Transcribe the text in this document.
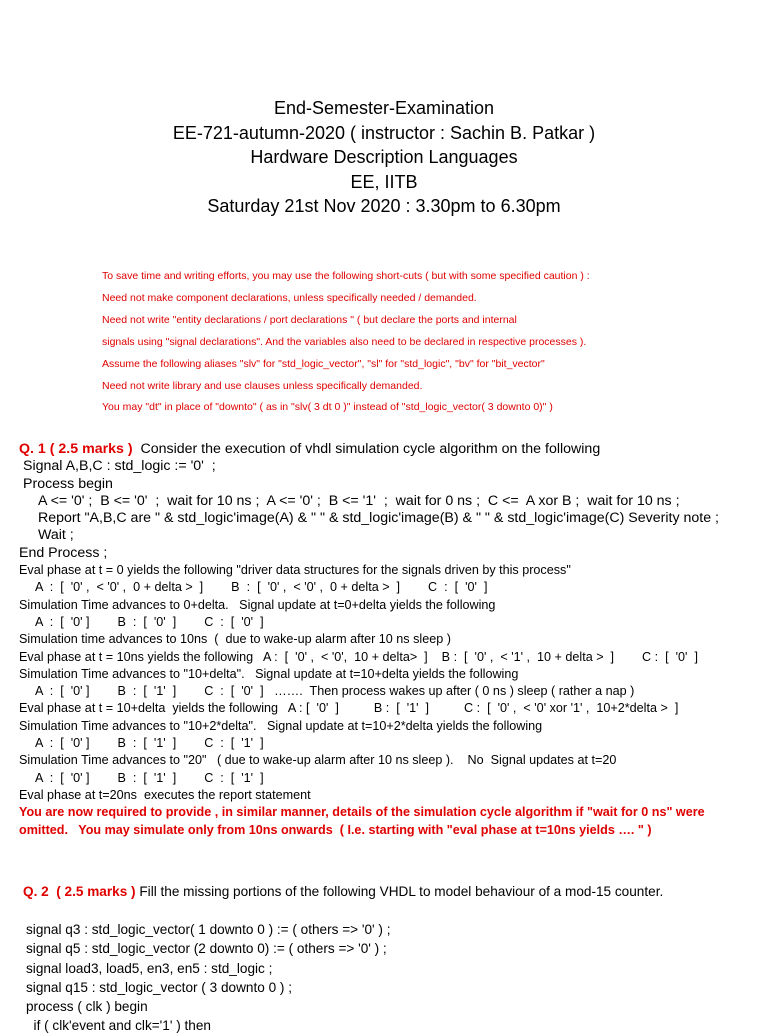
End-Semester-Examination
EE-721-autumn-2020 ( instructor : Sachin B. Patkar )
Hardware Description Languages
EE, IITB
Saturday 21st Nov 2020 : 3.30pm to 6.30pm
To save time and writing efforts, you may use the following short-cuts ( but with some specified caution ) :
Need not make component declarations, unless specifically needed / demanded.
Need not write "entity declarations / port declarations " ( but declare the ports and internal
signals using "signal declarations". And the variables also need to be declared in respective processes ).
Assume the following aliases "slv" for "std_logic_vector", "sl" for "std_logic", "bv" for "bit_vector"
Need not write library and use clauses unless specifically demanded.
You may "dt" in place of "downto" ( as in "slv( 3 dt 0 )" instead of "std_logic_vector( 3 downto 0)" )
Q. 1 ( 2.5 marks )  Consider the execution of vhdl simulation cycle algorithm on the following
Signal A,B,C : std_logic := '0'  ;
Process begin
A <= '0' ;  B <= '0'  ;  wait for 10 ns ;  A <= '0' ;  B <= '1'  ;  wait for 0 ns ;  C <=  A xor B ;  wait for 10 ns ;
Report "A,B,C are " & std_logic'image(A) & " " & std_logic'image(B) & " " & std_logic'image(C) Severity note ;
Wait ;
End Process ;
Eval phase at t = 0 yields the following "driver data structures for the signals driven by this process"
A  :  [  '0' ,  < '0' ,  0 + delta >  ]        B  :  [  '0' ,  < '0' ,  0 + delta >  ]        C  :  [  '0'  ]
Simulation Time advances to 0+delta.   Signal update at t=0+delta yields the following
A  :  [  '0' ]        B  :  [  '0'  ]        C  :  [  '0'  ]
Simulation time advances to 10ns  (  due to wake-up alarm after 10 ns sleep )
Eval phase at t = 10ns yields the following   A :  [  '0' ,  < '0',  10 + delta>  ]    B :  [  '0' ,  < '1' ,  10 + delta >  ]        C :  [  '0'  ]
Simulation Time advances to "10+delta".   Signal update at t=10+delta yields the following
A  :  [  '0' ]        B  :  [  '1'  ]        C  :  [  '0'  ]   …….  Then process wakes up after ( 0 ns ) sleep ( rather a nap )
Eval phase at t = 10+delta  yields the following   A : [  '0'  ]          B :  [  '1'  ]          C :  [  '0' ,  < '0' xor '1' ,  10+2*delta >  ]
Simulation Time advances to "10+2*delta".   Signal update at t=10+2*delta yields the following
A  :  [  '0' ]        B  :  [  '1'  ]        C  :  [  '1'  ]
Simulation Time advances to "20"   ( due to wake-up alarm after 10 ns sleep ).    No  Signal updates at t=20
A  :  [  '0' ]        B  :  [  '1'  ]        C  :  [  '1'  ]
Eval phase at t=20ns  executes the report statement
You are now required to provide , in similar manner, details of the simulation cycle algorithm if "wait for 0 ns" were
omitted.   You may simulate only from 10ns onwards  ( I.e. starting with "eval phase at t=10ns yields …. " )
Q. 2  ( 2.5 marks ) Fill the missing portions of the following VHDL to model behaviour of a mod-15 counter.
signal q3 : std_logic_vector( 1 downto 0 ) := ( others => '0' ) ;
signal q5 : std_logic_vector (2 downto 0) := ( others => '0' ) ;
signal load3, load5, en3, en5 : std_logic ;
signal q15 : std_logic_vector ( 3 downto 0 ) ;
process ( clk ) begin
if ( clk'event and clk='1' ) then
